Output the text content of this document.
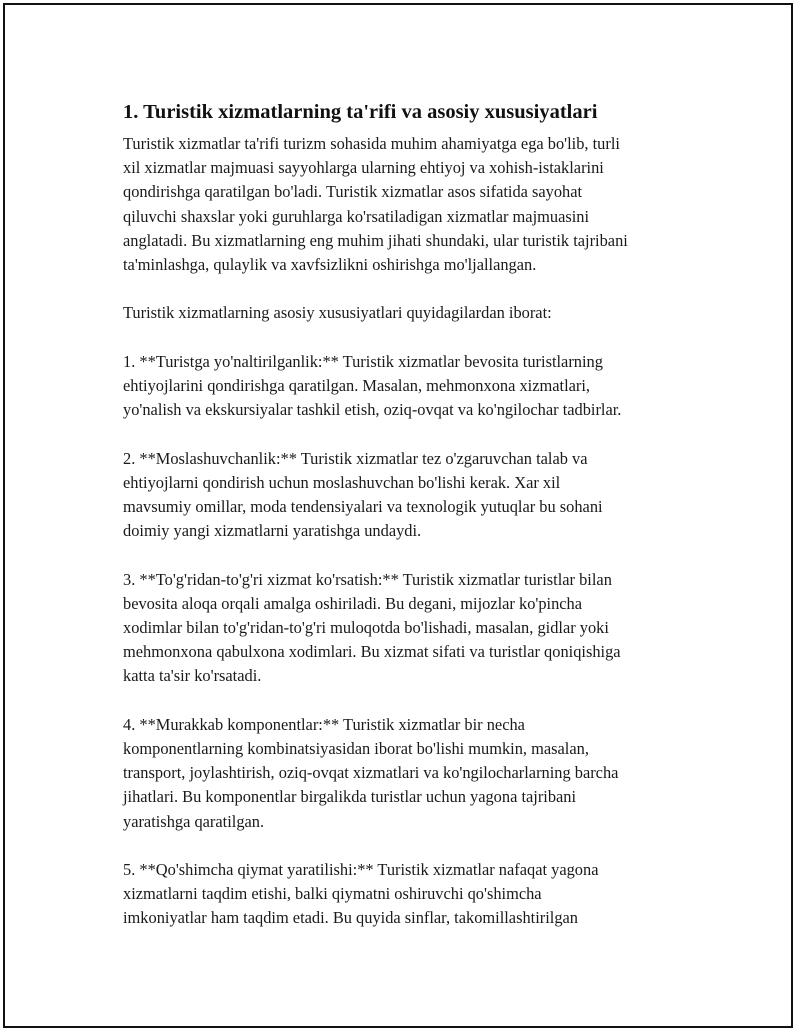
1. Turistik xizmatlarning ta'rifi va asosiy xususiyatlari

Turistik xizmatlar ta'rifi turizm sohasida muhim ahamiyatga ega bo'lib, turli
xil xizmatlar majmuasi sayyohlarga ularning ehtiyoj va xohish-istaklarini
qondirishga qaratilgan bo'ladi. Turistik xizmatlar asos sifatida sayohat
qiluvchi shaxslar yoki guruhlarga ko'rsatiladigan xizmatlar majmuasini
anglatadi. Bu xizmatlarning eng muhim jihati shundaki, ular turistik tajribani
ta'minlashga, qulaylik va xavfsizlikni oshirishga mo'ljallangan.

Turistik xizmatlarning asosiy xususiyatlari quyidagilardan iborat:

1. **Turistga yo'naltirilganlik:** Turistik xizmatlar bevosita turistlarning
ehtiyojlarini qondirishga qaratilgan. Masalan, mehmonxona xizmatlari,
yo'nalish va ekskursiyalar tashkil etish, oziq-ovqat va ko'ngilochar tadbirlar.

2. **Moslashuvchanlik:** Turistik xizmatlar tez o'zgaruvchan talab va
ehtiyojlarni qondirish uchun moslashuvchan bo'lishi kerak. Xar xil
mavsumiy omillar, moda tendensiyalari va texnologik yutuqlar bu sohani
doimiy yangi xizmatlarni yaratishga undaydi.

3. **To'g'ridan-to'g'ri xizmat ko'rsatish:** Turistik xizmatlar turistlar bilan
bevosita aloqa orqali amalga oshiriladi. Bu degani, mijozlar ko'pincha
xodimlar bilan to'g'ridan-to'g'ri muloqotda bo'lishadi, masalan, gidlar yoki
mehmonxona qabulxona xodimlari. Bu xizmat sifati va turistlar qoniqishiga
katta ta'sir ko'rsatadi.

4. **Murakkab komponentlar:** Turistik xizmatlar bir necha
komponentlarning kombinatsiyasidan iborat bo'lishi mumkin, masalan,
transport, joylashtirish, oziq-ovqat xizmatlari va ko'ngilocharlarning barcha
jihatlari. Bu komponentlar birgalikda turistlar uchun yagona tajribani
yaratishga qaratilgan.

5. **Qo'shimcha qiymat yaratilishi:** Turistik xizmatlar nafaqat yagona
xizmatlarni taqdim etishi, balki qiymatni oshiruvchi qo'shimcha
imkoniyatlar ham taqdim etadi. Bu quyida sinflar, takomillashtirilgan
